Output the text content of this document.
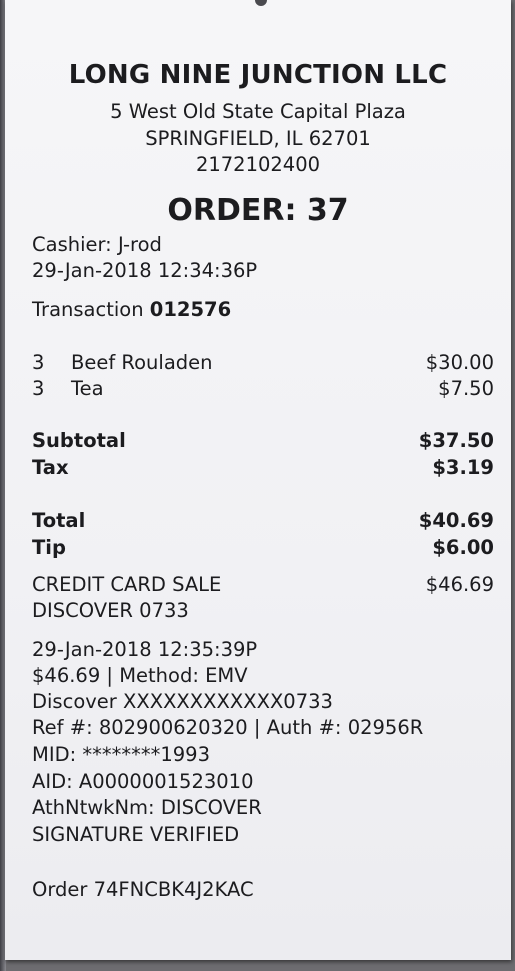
LONG NINE JUNCTION LLC
5 West Old State Capital Plaza
SPRINGFIELD, IL 62701
2172102400
ORDER: 37
Cashier: J-rod
29-Jan-2018 12:34:36P
Transaction 012576
3 Beef Rouladen	$30.00
3 Tea	$7.50
Subtotal	$37.50
Tax	$3.19
Total	$40.69
Tip	$6.00
CREDIT CARD SALE	$46.69
DISCOVER 0733
29-Jan-2018 12:35:39P
$46.69 | Method: EMV
Discover XXXXXXXXXXXX0733
Ref #: 802900620320 | Auth #: 02956R
MID: ********1993
AID: A0000001523010
AthNtwkNm: DISCOVER
SIGNATURE VERIFIED
Order 74FNCBK4J2KAC
